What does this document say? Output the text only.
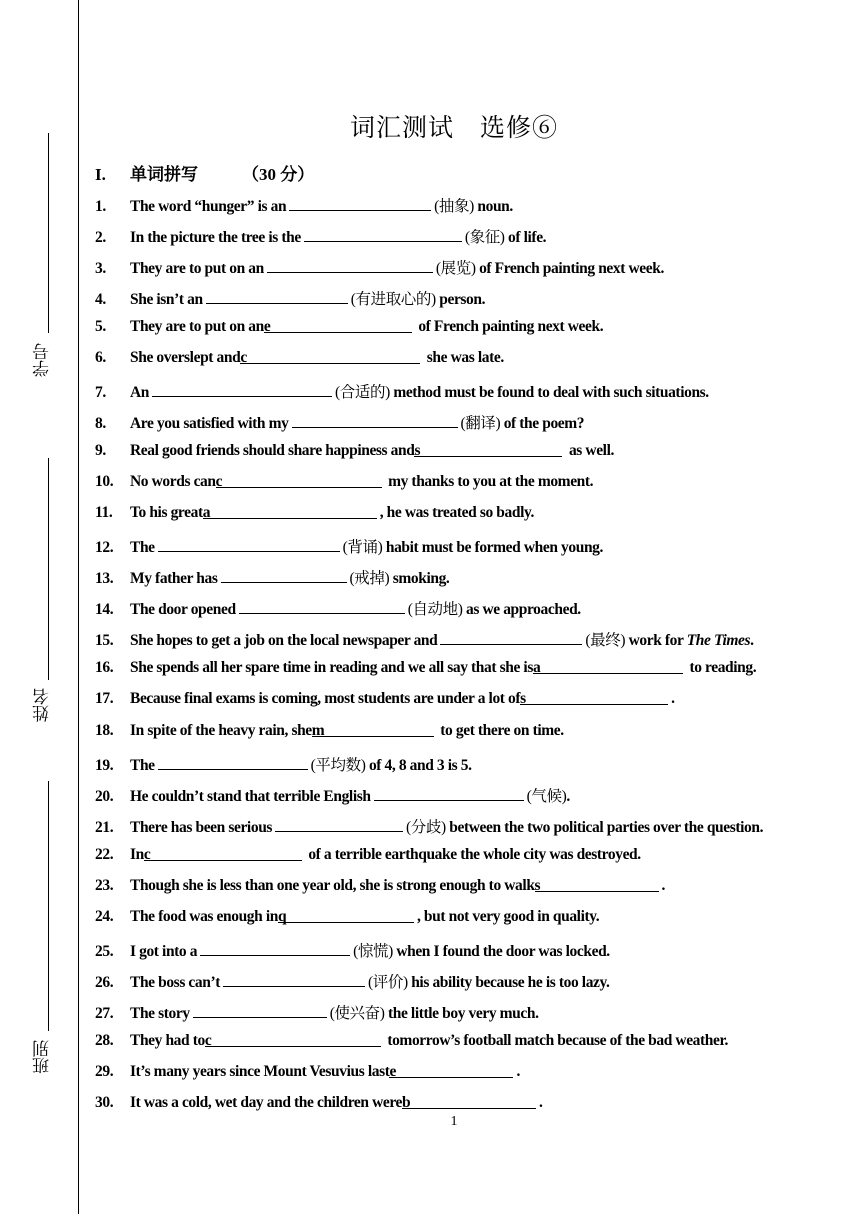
学号
姓名
班别
词汇测试　选修⑥
I. 单词拼写	（30 分）
1. The word “hunger” is an	(抽象) noun.
2. In the picture the tree is the	(象征) of life.
3. They are to put on an	(展览) of French painting next week.
4. She isn’t an	(有进取心的) person.
5. They are to put on ane	of French painting next week.
6. She overslept andc	she was late.
7. An	(合适的) method must be found to deal with such situations.
8. Are you satisfied with my	(翻译) of the poem?
9. Real good friends should share happiness ands	as well.
10. No words canc	my thanks to you at the moment.
11. To his greata	, he was treated so badly.
12. The	(背诵) habit must be formed when young.
13. My father has	(戒掉) smoking.
14. The door opened	(自动地) as we approached.
15. She hopes to get a job on the local newspaper and	(最终) work for The Times.
16. She spends all her spare time in reading and we all say that she isa	to reading.
17. Because final exams is coming, most students are under a lot ofs	.
18. In spite of the heavy rain, shem	to get there on time.
19. The	(平均数) of 4, 8 and 3 is 5.
20. He couldn’t stand that terrible English	(气候).
21. There has been serious	(分歧) between the two political parties over the question.
22. Inc	of a terrible earthquake the whole city was destroyed.
23. Though she is less than one year old, she is strong enough to walks	.
24. The food was enough inq	, but not very good in quality.
25. I got into a	(惊慌) when I found the door was locked.
26. The boss can’t	(评价) his ability because he is too lazy.
27. The story	(使兴奋) the little boy very much.
28. They had toc	tomorrow’s football match because of the bad weather.
29. It’s many years since Mount Vesuvius laste	.
30. It was a cold, wet day and the children wereb	.
1
